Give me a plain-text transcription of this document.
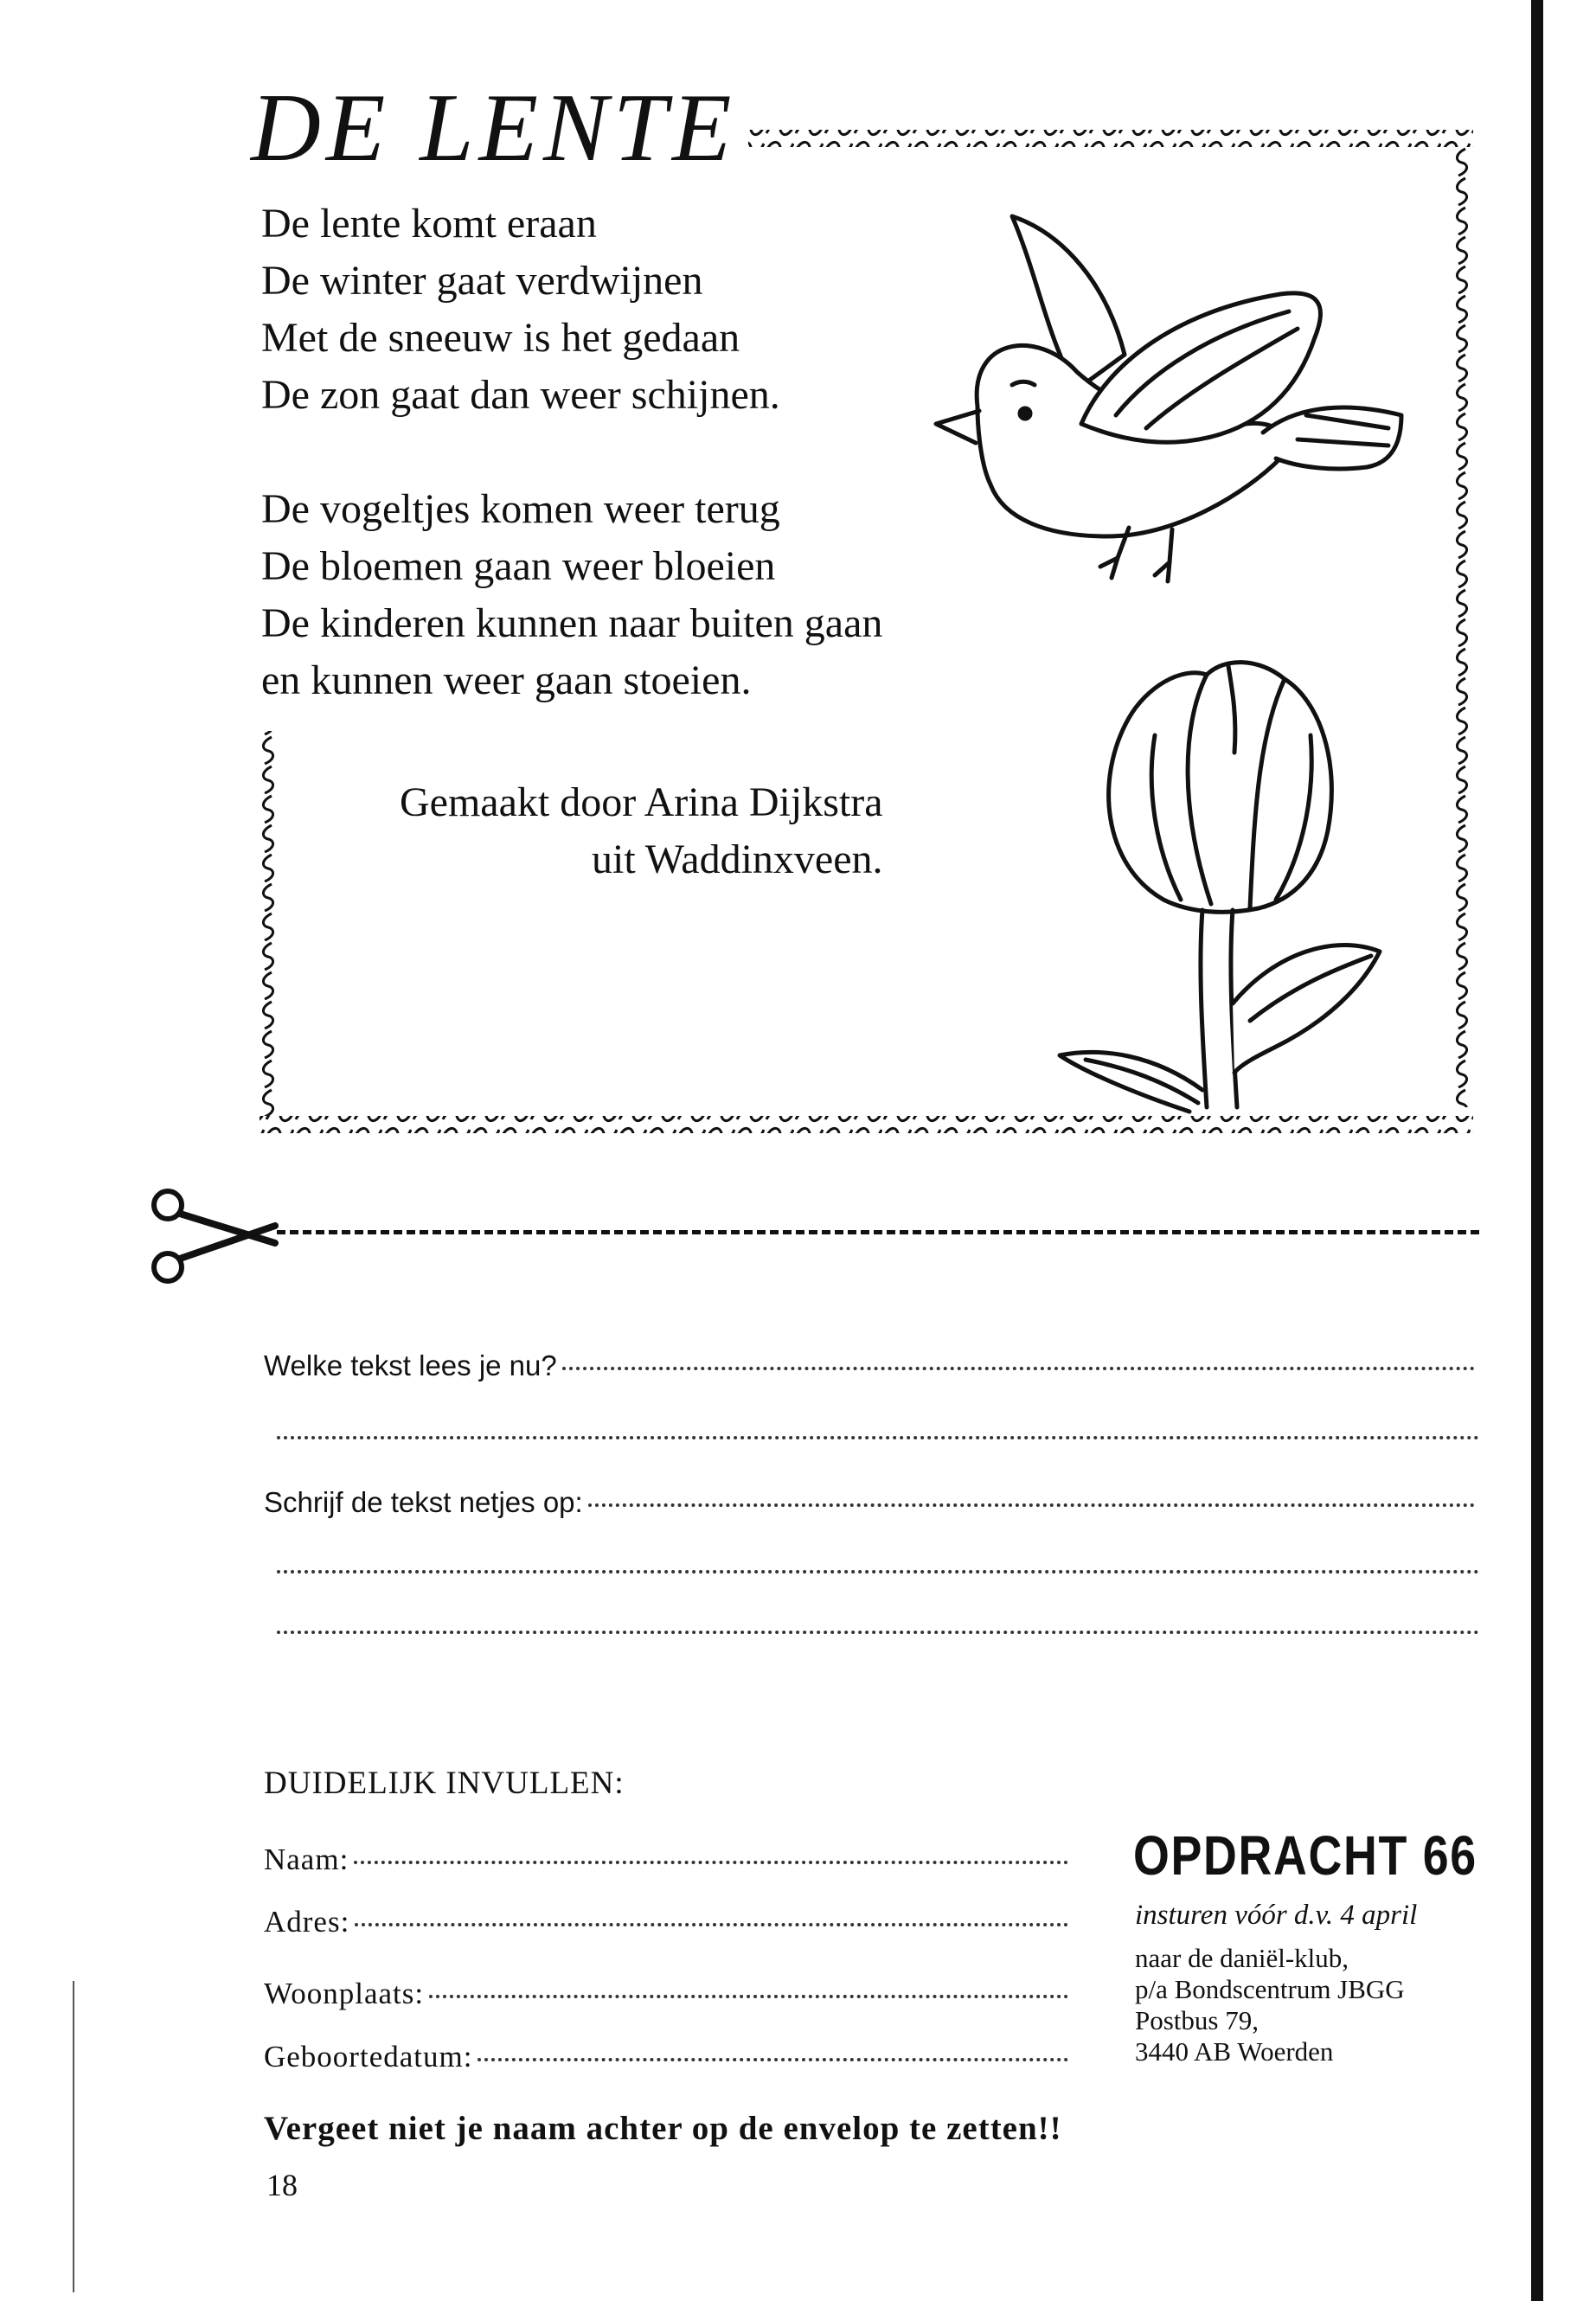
DE LENTE
De lente komt eraan
De winter gaat verdwijnen
Met de sneeuw is het gedaan
De zon gaat dan weer schijnen.
De vogeltjes komen weer terug
De bloemen gaan weer bloeien
De kinderen kunnen naar buiten gaan
en kunnen weer gaan stoeien.
Gemaakt door Arina Dijkstra
uit Waddinxveen.
Welke tekst lees je nu?
Schrijf de tekst netjes op:
DUIDELIJK INVULLEN:
Naam:
Adres:
Woonplaats:
Geboortedatum:
OPDRACHT 66
insturen vóór d.v. 4 april
naar de daniël-klub,
p/a Bondscentrum JBGG
Postbus 79,
3440 AB Woerden
Vergeet niet je naam achter op de envelop te zetten!!
18
